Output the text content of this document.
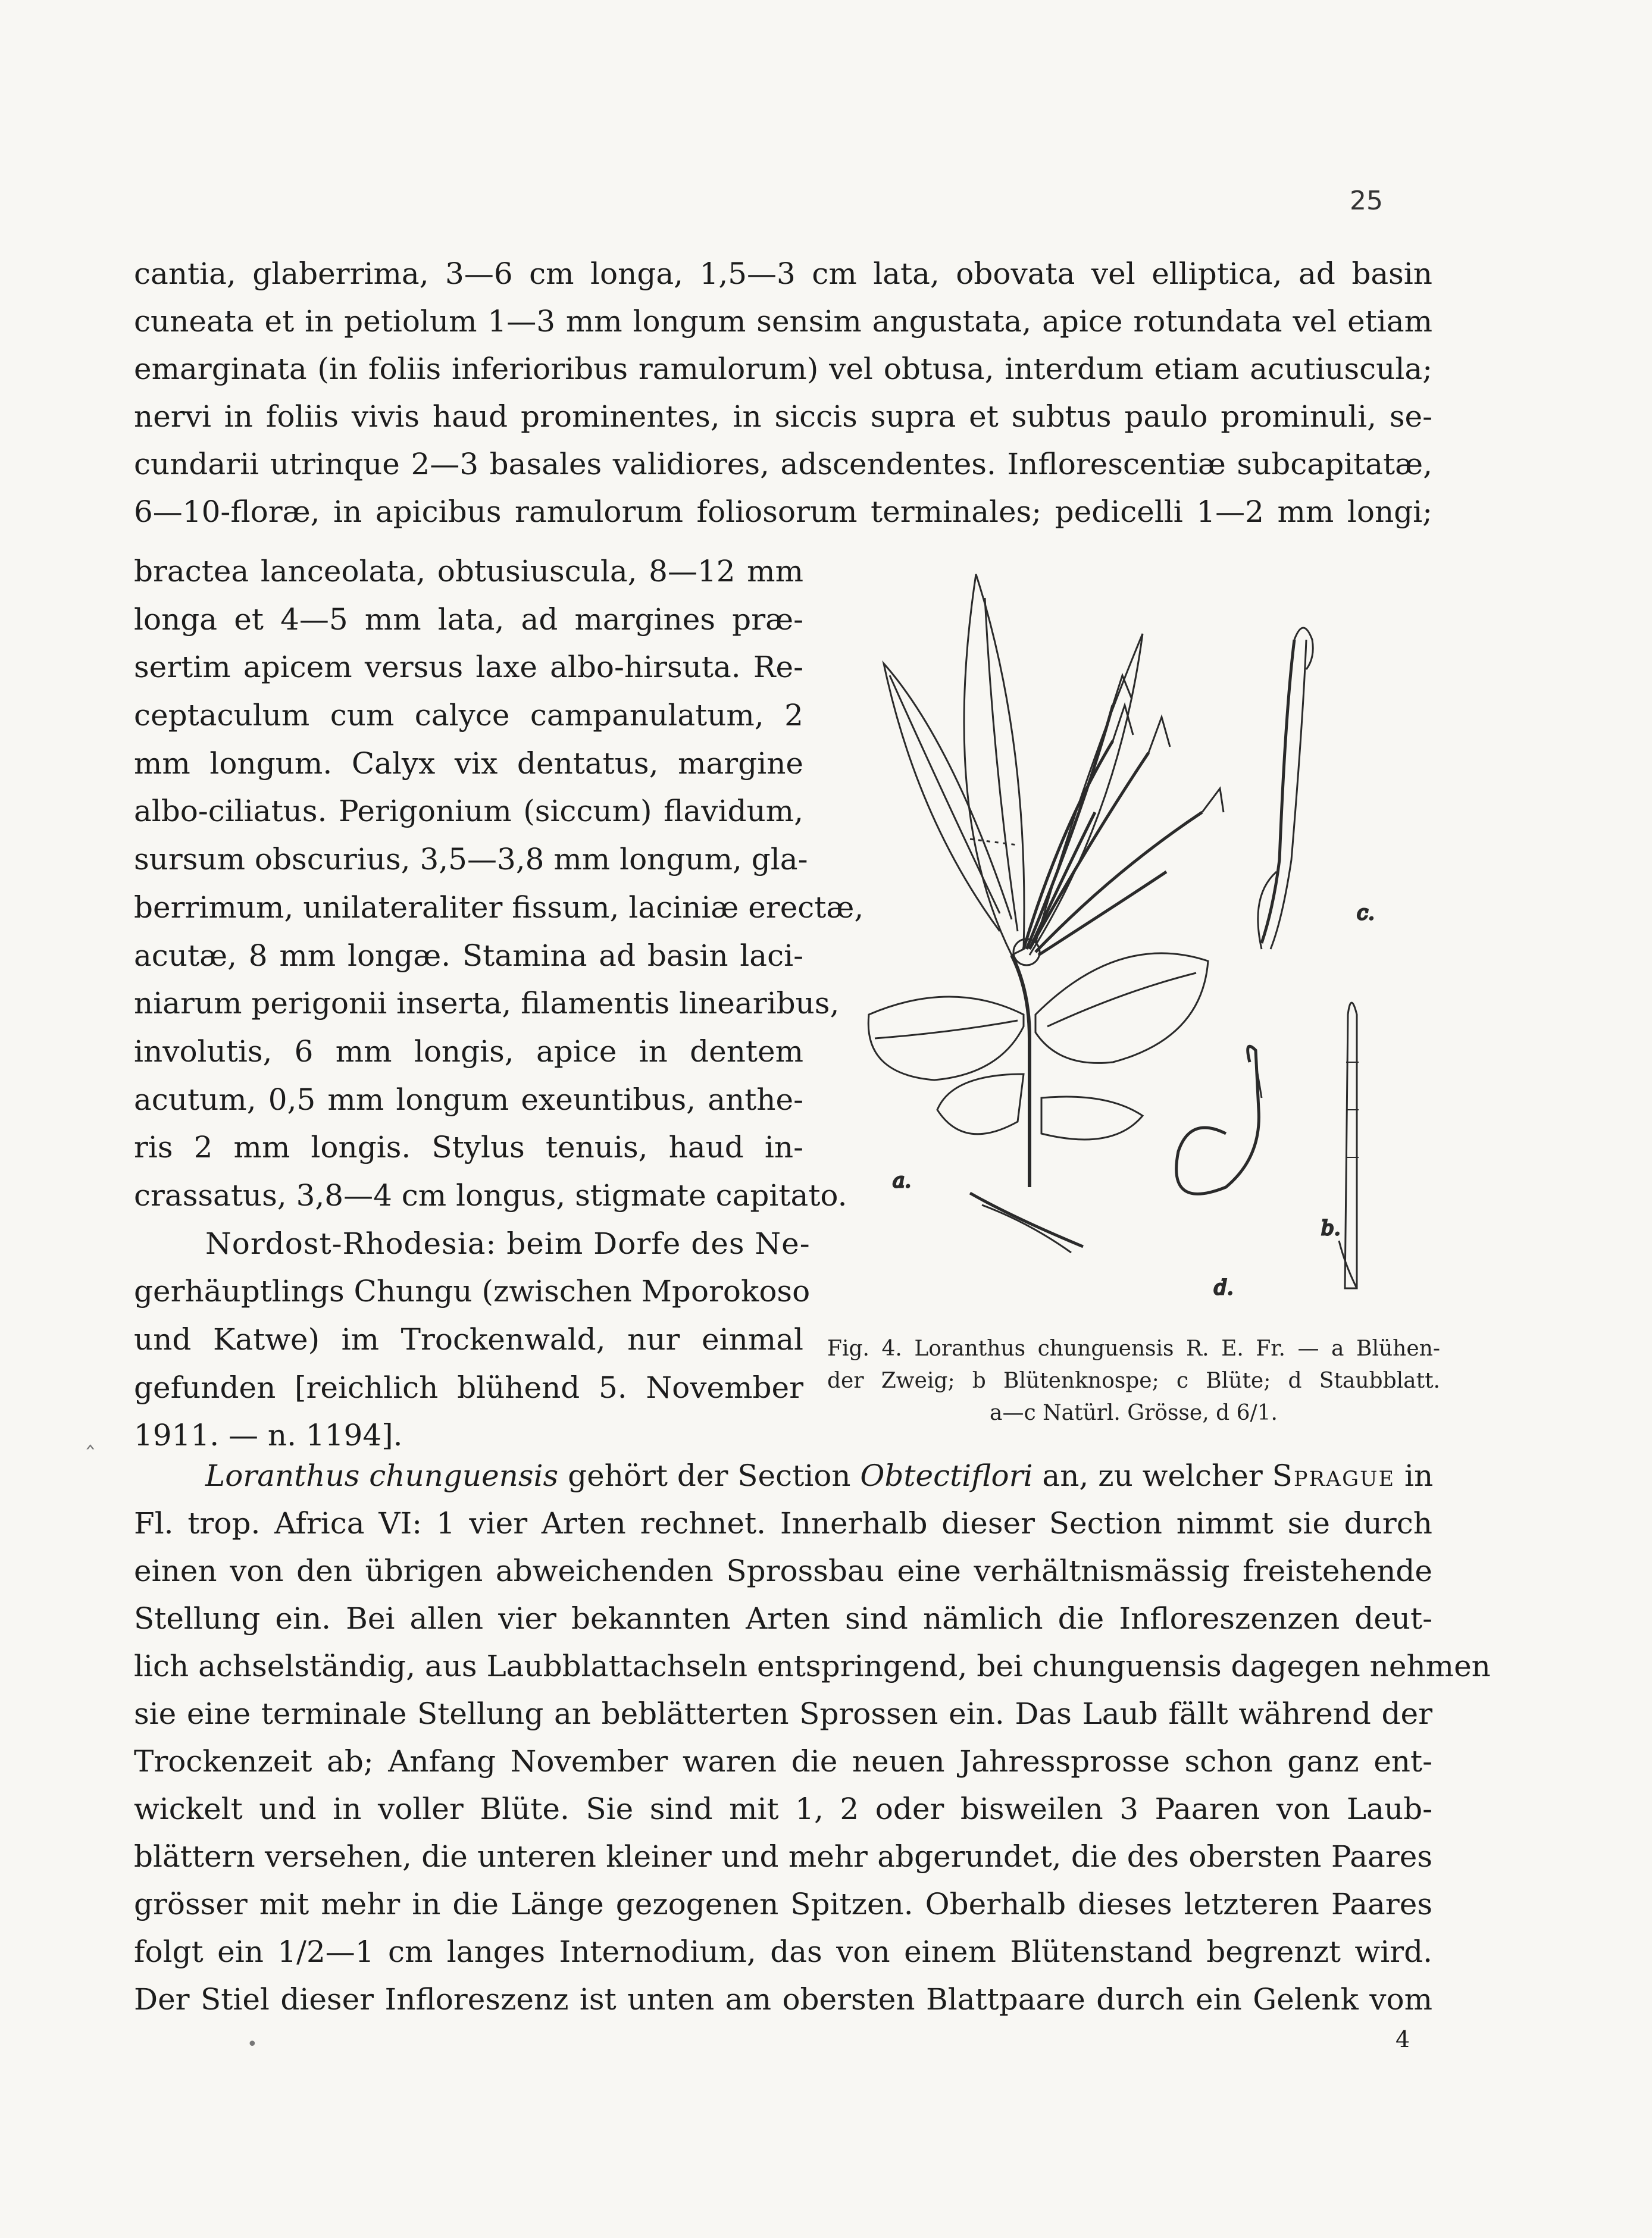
25
cantia, glaberrima, 3—6 cm longa, 1,5—3 cm lata, obovata vel elliptica, ad basin
cuneata et in petiolum 1—3 mm longum sensim angustata, apice rotundata vel etiam
emarginata (in foliis inferioribus ramulorum) vel obtusa, interdum etiam acutiuscula;
nervi in foliis vivis haud prominentes, in siccis supra et subtus paulo prominuli, se-
cundarii utrinque 2—3 basales validiores, adscendentes. Inflorescentiæ subcapitatæ,
6—10-floræ, in apicibus ramulorum foliosorum terminales; pedicelli 1—2 mm longi;
bractea lanceolata, obtusiuscula, 8—12 mm
longa et 4—5 mm lata, ad margines præ-
sertim apicem versus laxe albo-hirsuta. Re-
ceptaculum cum calyce campanulatum, 2
mm longum. Calyx vix dentatus, margine
albo-ciliatus. Perigonium (siccum) flavidum,
sursum obscurius, 3,5—3,8 mm longum, gla-
berrimum, unilateraliter fissum, laciniæ erectæ,
acutæ, 8 mm longæ. Stamina ad basin laci-
niarum perigonii inserta, filamentis linearibus,
involutis, 6 mm longis, apice in dentem
acutum, 0,5 mm longum exeuntibus, anthe-
ris 2 mm longis. Stylus tenuis, haud in-
crassatus, 3,8—4 cm longus, stigmate capitato.
Nordost-Rhodesia: beim Dorfe des Ne-
gerhäuptlings Chungu (zwischen Mporokoso
und Katwe) im Trockenwald, nur einmal
gefunden [reichlich blühend 5. November
1911. — n. 1194].
‸
a.
b.
c.
d.
Fig. 4. Loranthus chunguensis R. E. Fr. — a Blühen-
der Zweig; b Blütenknospe; c Blüte; d Staubblatt.
a—c Natürl. Grösse, d 6/1.
Loranthus chunguensis gehört der Section Obtectiflori an, zu welcher Sprague in
Fl. trop. Africa VI: 1 vier Arten rechnet. Innerhalb dieser Section nimmt sie durch
einen von den übrigen abweichenden Sprossbau eine verhältnismässig freistehende
Stellung ein. Bei allen vier bekannten Arten sind nämlich die Infloreszenzen deut-
lich achselständig, aus Laubblattachseln entspringend, bei chunguensis dagegen nehmen
sie eine terminale Stellung an beblätterten Sprossen ein. Das Laub fällt während der
Trockenzeit ab; Anfang November waren die neuen Jahressprosse schon ganz ent-
wickelt und in voller Blüte. Sie sind mit 1, 2 oder bisweilen 3 Paaren von Laub-
blättern versehen, die unteren kleiner und mehr abgerundet, die des obersten Paares
grösser mit mehr in die Länge gezogenen Spitzen. Oberhalb dieses letzteren Paares
folgt ein 1/2—1 cm langes Internodium, das von einem Blütenstand begrenzt wird.
Der Stiel dieser Infloreszenz ist unten am obersten Blattpaare durch ein Gelenk vom
•	4
